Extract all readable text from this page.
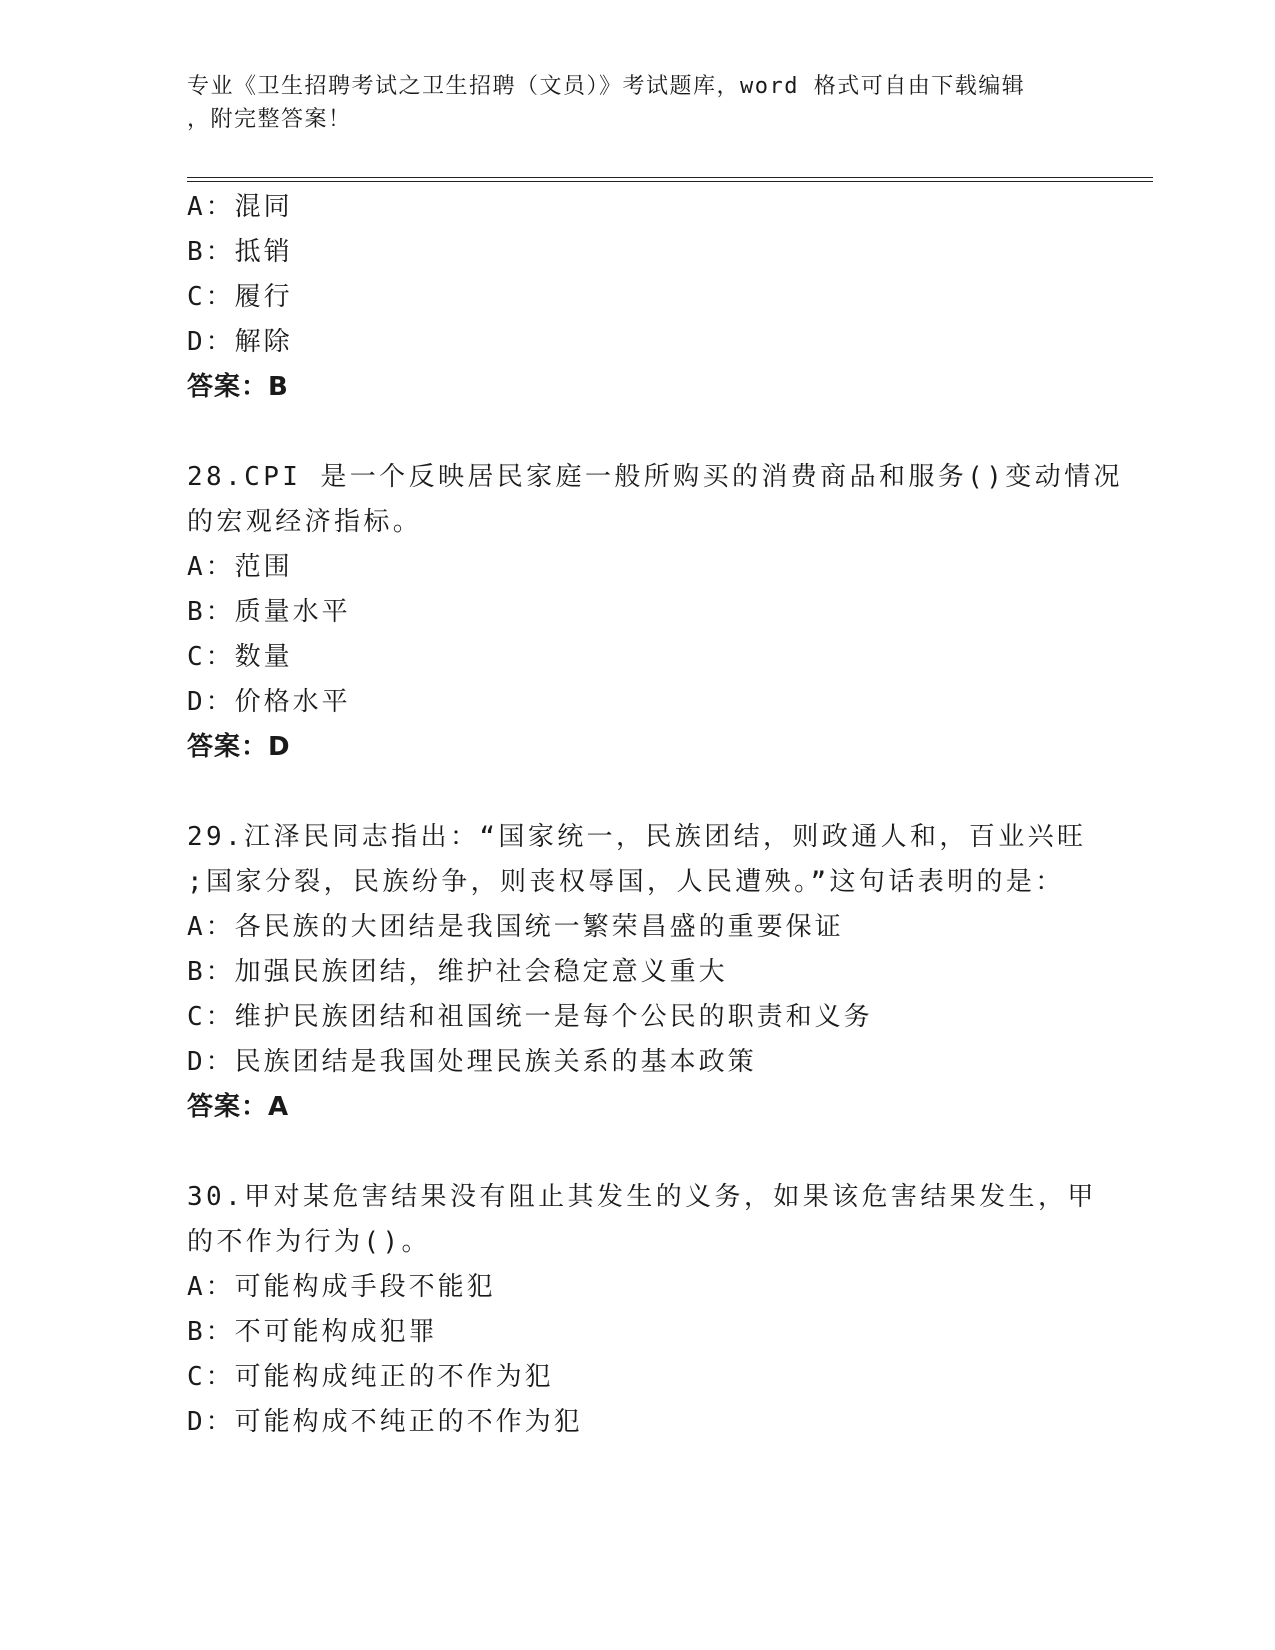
专业《卫生招聘考试之卫生招聘（文员）》考试题库，word 格式可自由下载编辑
，附完整答案！
A：混同
B：抵销
C：履行
D：解除
答案：B
28.CPI 是一个反映居民家庭一般所购买的消费商品和服务()变动情况
的宏观经济指标。
A：范围
B：质量水平
C：数量
D：价格水平
答案：D
29.江泽民同志指出：“国家统一，民族团结，则政通人和，百业兴旺
;国家分裂，民族纷争，则丧权辱国，人民遭殃。”这句话表明的是：
A：各民族的大团结是我国统一繁荣昌盛的重要保证
B：加强民族团结，维护社会稳定意义重大
C：维护民族团结和祖国统一是每个公民的职责和义务
D：民族团结是我国处理民族关系的基本政策
答案：A
30.甲对某危害结果没有阻止其发生的义务，如果该危害结果发生，甲
的不作为行为()。
A：可能构成手段不能犯
B：不可能构成犯罪
C：可能构成纯正的不作为犯
D：可能构成不纯正的不作为犯
